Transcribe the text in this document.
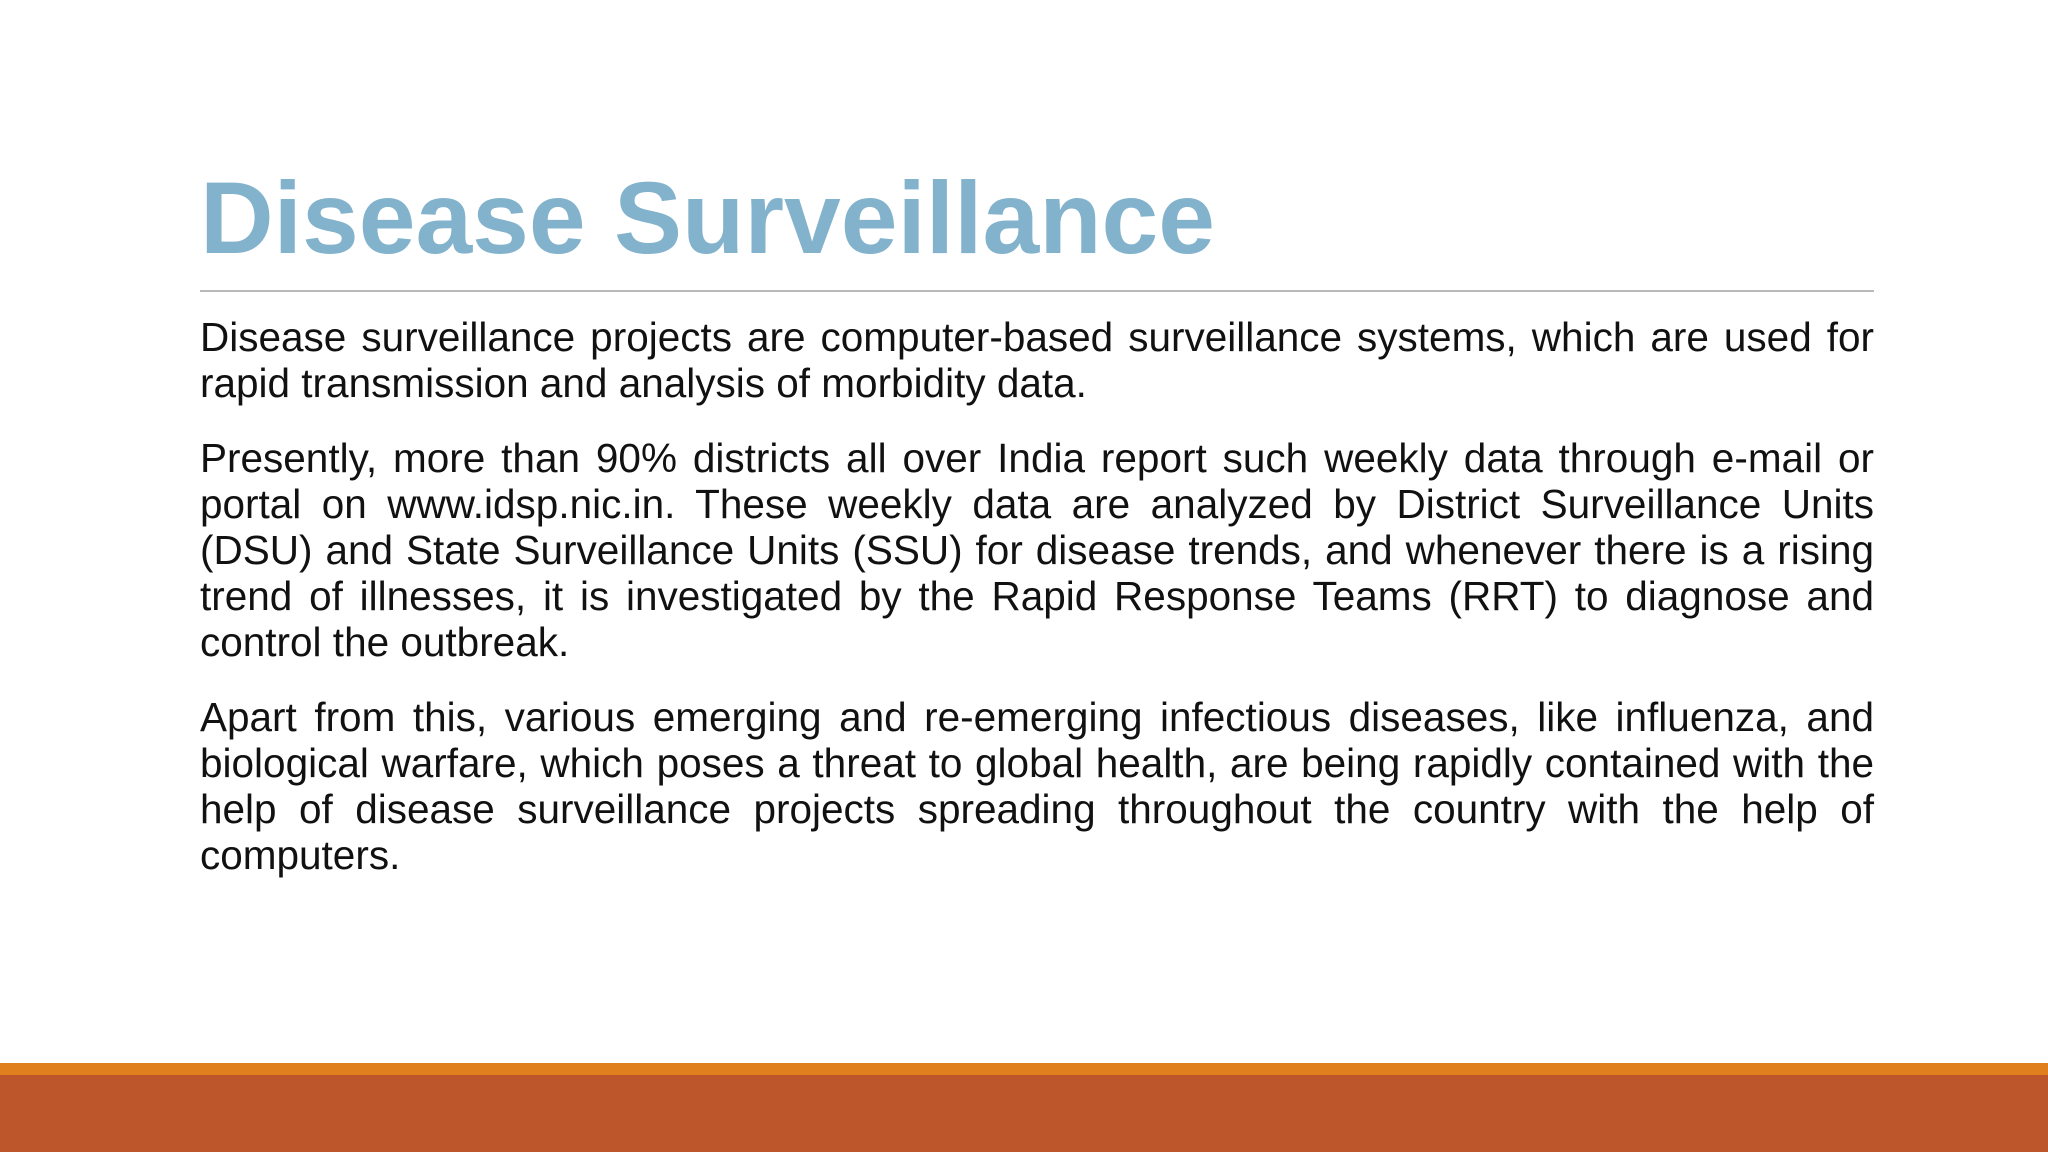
Disease Surveillance

Disease surveillance projects are computer-based surveillance systems, which are used for rapid transmission and analysis of morbidity data.

Presently, more than 90% districts all over India report such weekly data through e-mail or portal on www.idsp.nic.in. These weekly data are analyzed by District Surveillance Units (DSU) and State Surveillance Units (SSU) for disease trends, and whenever there is a rising trend of illnesses, it is investigated by the Rapid Response Teams (RRT) to diagnose and control the outbreak.

Apart from this, various emerging and re-emerging infectious diseases, like influenza, and biological warfare, which poses a threat to global health, are being rapidly contained with the help of disease surveillance projects spreading throughout the country with the help of computers.
